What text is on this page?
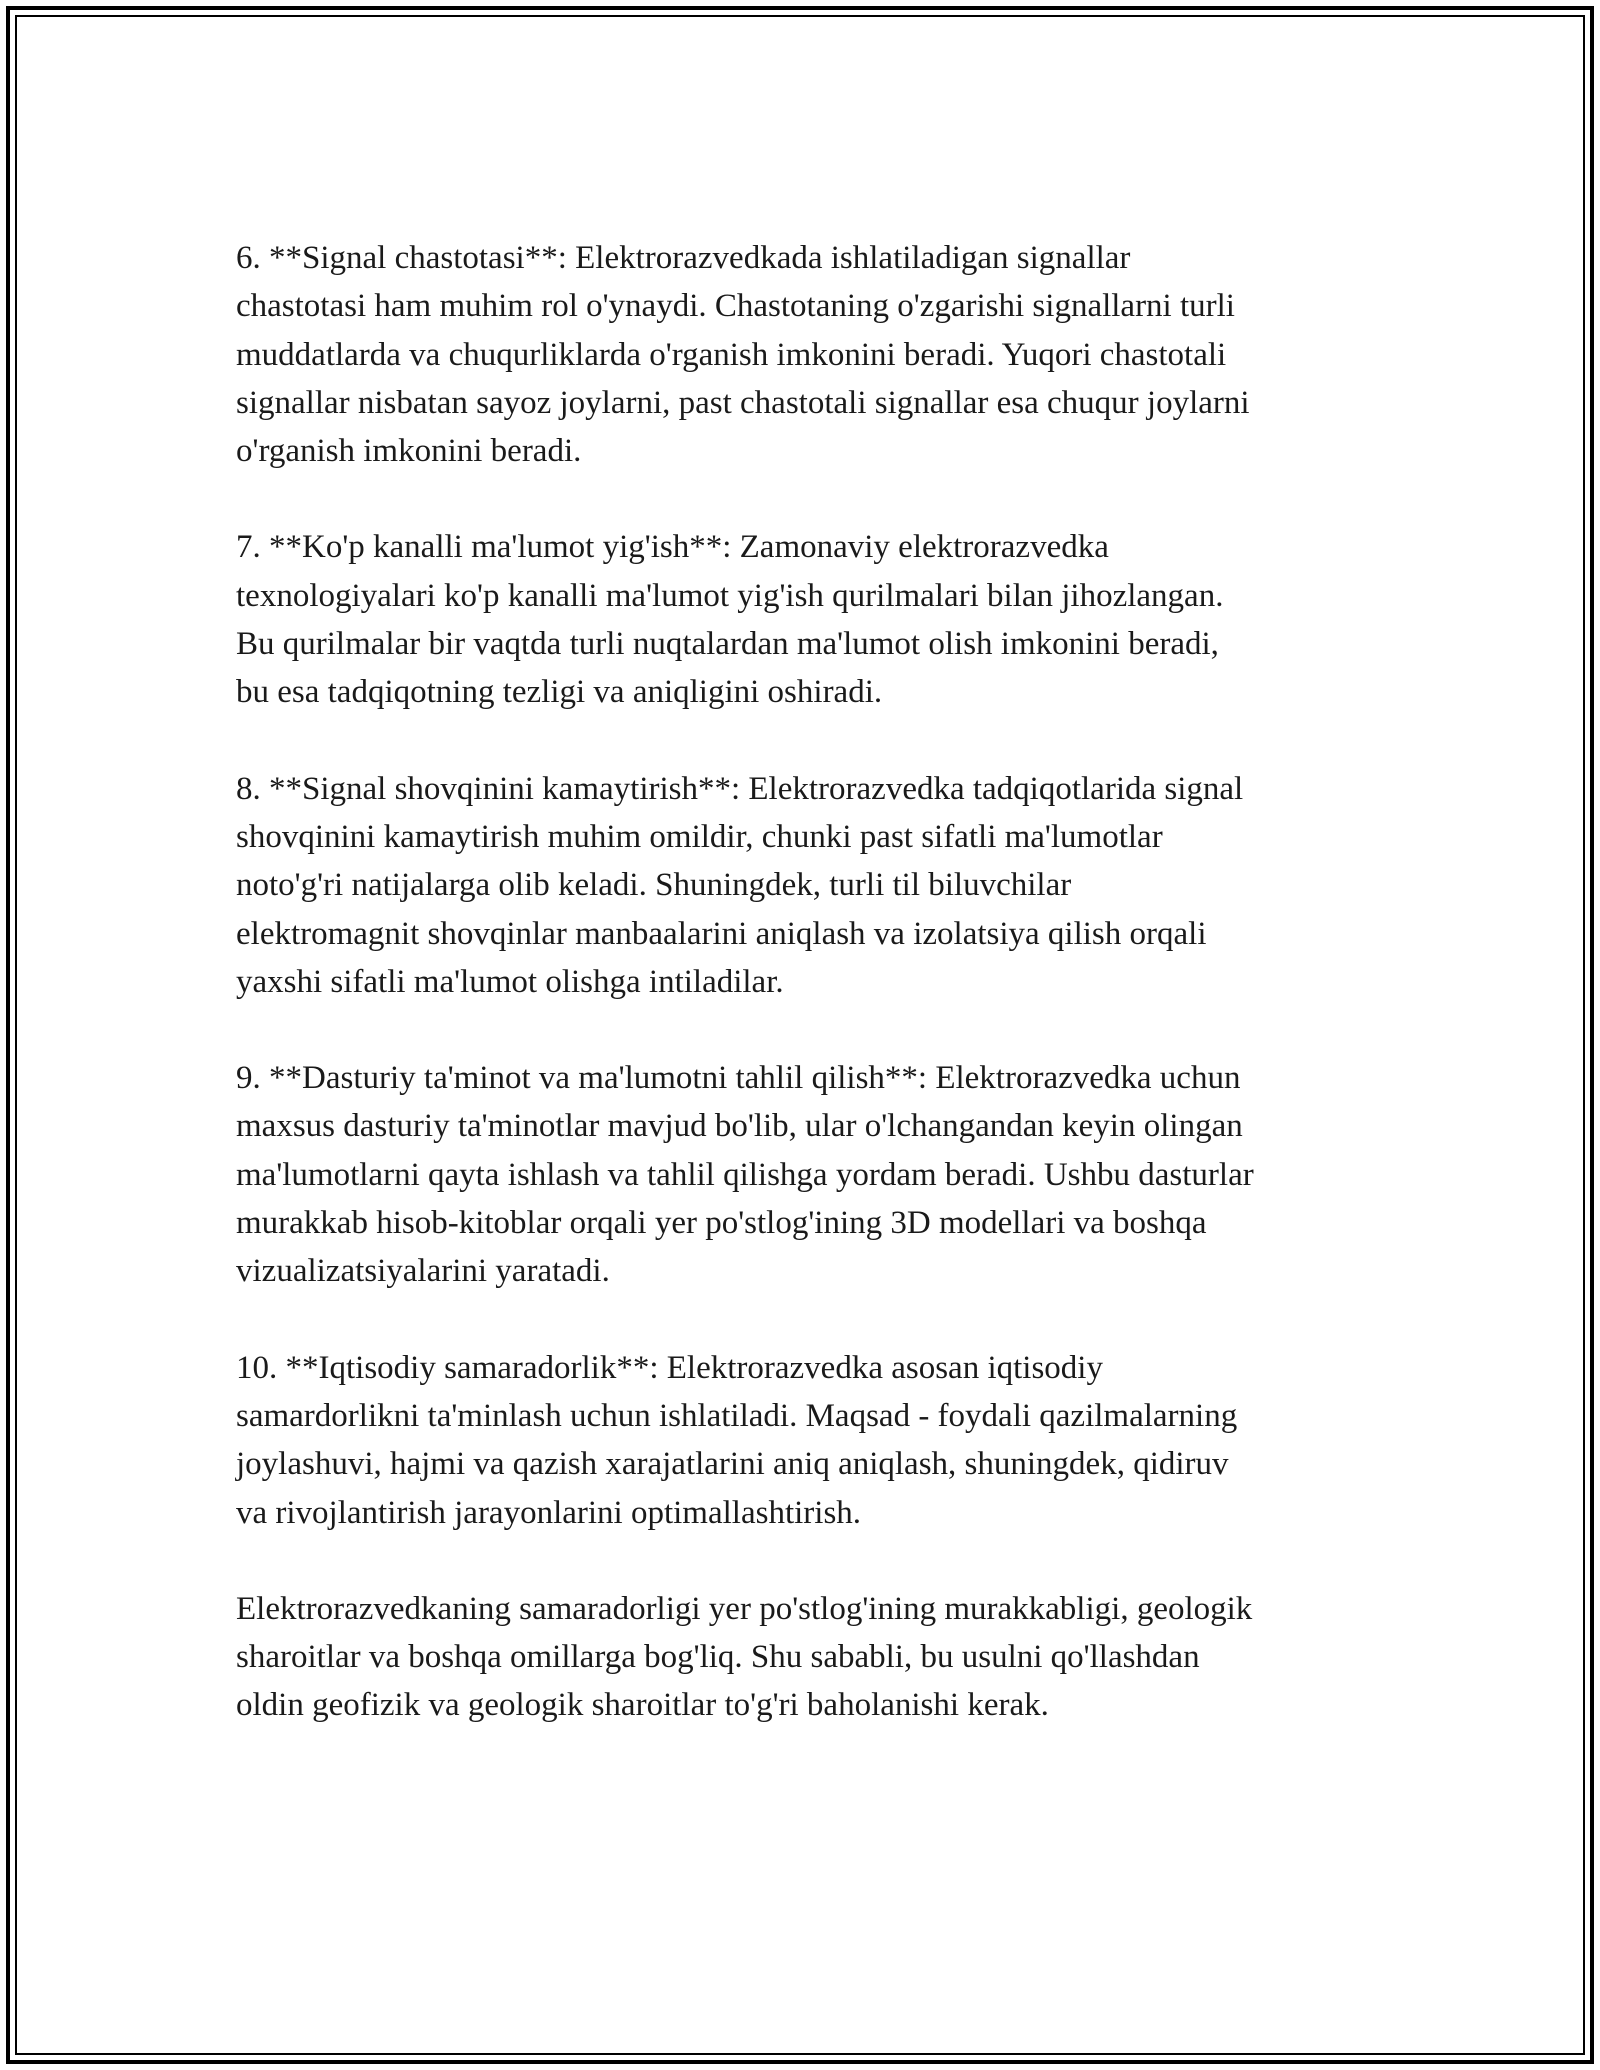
6. **Signal chastotasi**: Elektrorazvedkada ishlatiladigan signallar
chastotasi ham muhim rol o'ynaydi. Chastotaning o'zgarishi signallarni turli
muddatlarda va chuqurliklarda o'rganish imkonini beradi. Yuqori chastotali
signallar nisbatan sayoz joylarni, past chastotali signallar esa chuqur joylarni
o'rganish imkonini beradi.

7. **Ko'p kanalli ma'lumot yig'ish**: Zamonaviy elektrorazvedka
texnologiyalari ko'p kanalli ma'lumot yig'ish qurilmalari bilan jihozlangan.
Bu qurilmalar bir vaqtda turli nuqtalardan ma'lumot olish imkonini beradi,
bu esa tadqiqotning tezligi va aniqligini oshiradi.

8. **Signal shovqinini kamaytirish**: Elektrorazvedka tadqiqotlarida signal
shovqinini kamaytirish muhim omildir, chunki past sifatli ma'lumotlar
noto'g'ri natijalarga olib keladi. Shuningdek, turli til biluvchilar
elektromagnit shovqinlar manbaalarini aniqlash va izolatsiya qilish orqali
yaxshi sifatli ma'lumot olishga intiladilar.

9. **Dasturiy ta'minot va ma'lumotni tahlil qilish**: Elektrorazvedka uchun
maxsus dasturiy ta'minotlar mavjud bo'lib, ular o'lchangandan keyin olingan
ma'lumotlarni qayta ishlash va tahlil qilishga yordam beradi. Ushbu dasturlar
murakkab hisob-kitoblar orqali yer po'stlog'ining 3D modellari va boshqa
vizualizatsiyalarini yaratadi.

10. **Iqtisodiy samaradorlik**: Elektrorazvedka asosan iqtisodiy
samardorlikni ta'minlash uchun ishlatiladi. Maqsad - foydali qazilmalarning
joylashuvi, hajmi va qazish xarajatlarini aniq aniqlash, shuningdek, qidiruv
va rivojlantirish jarayonlarini optimallashtirish.

Elektrorazvedkaning samaradorligi yer po'stlog'ining murakkabligi, geologik
sharoitlar va boshqa omillarga bog'liq. Shu sababli, bu usulni qo'llashdan
oldin geofizik va geologik sharoitlar to'g'ri baholanishi kerak.
